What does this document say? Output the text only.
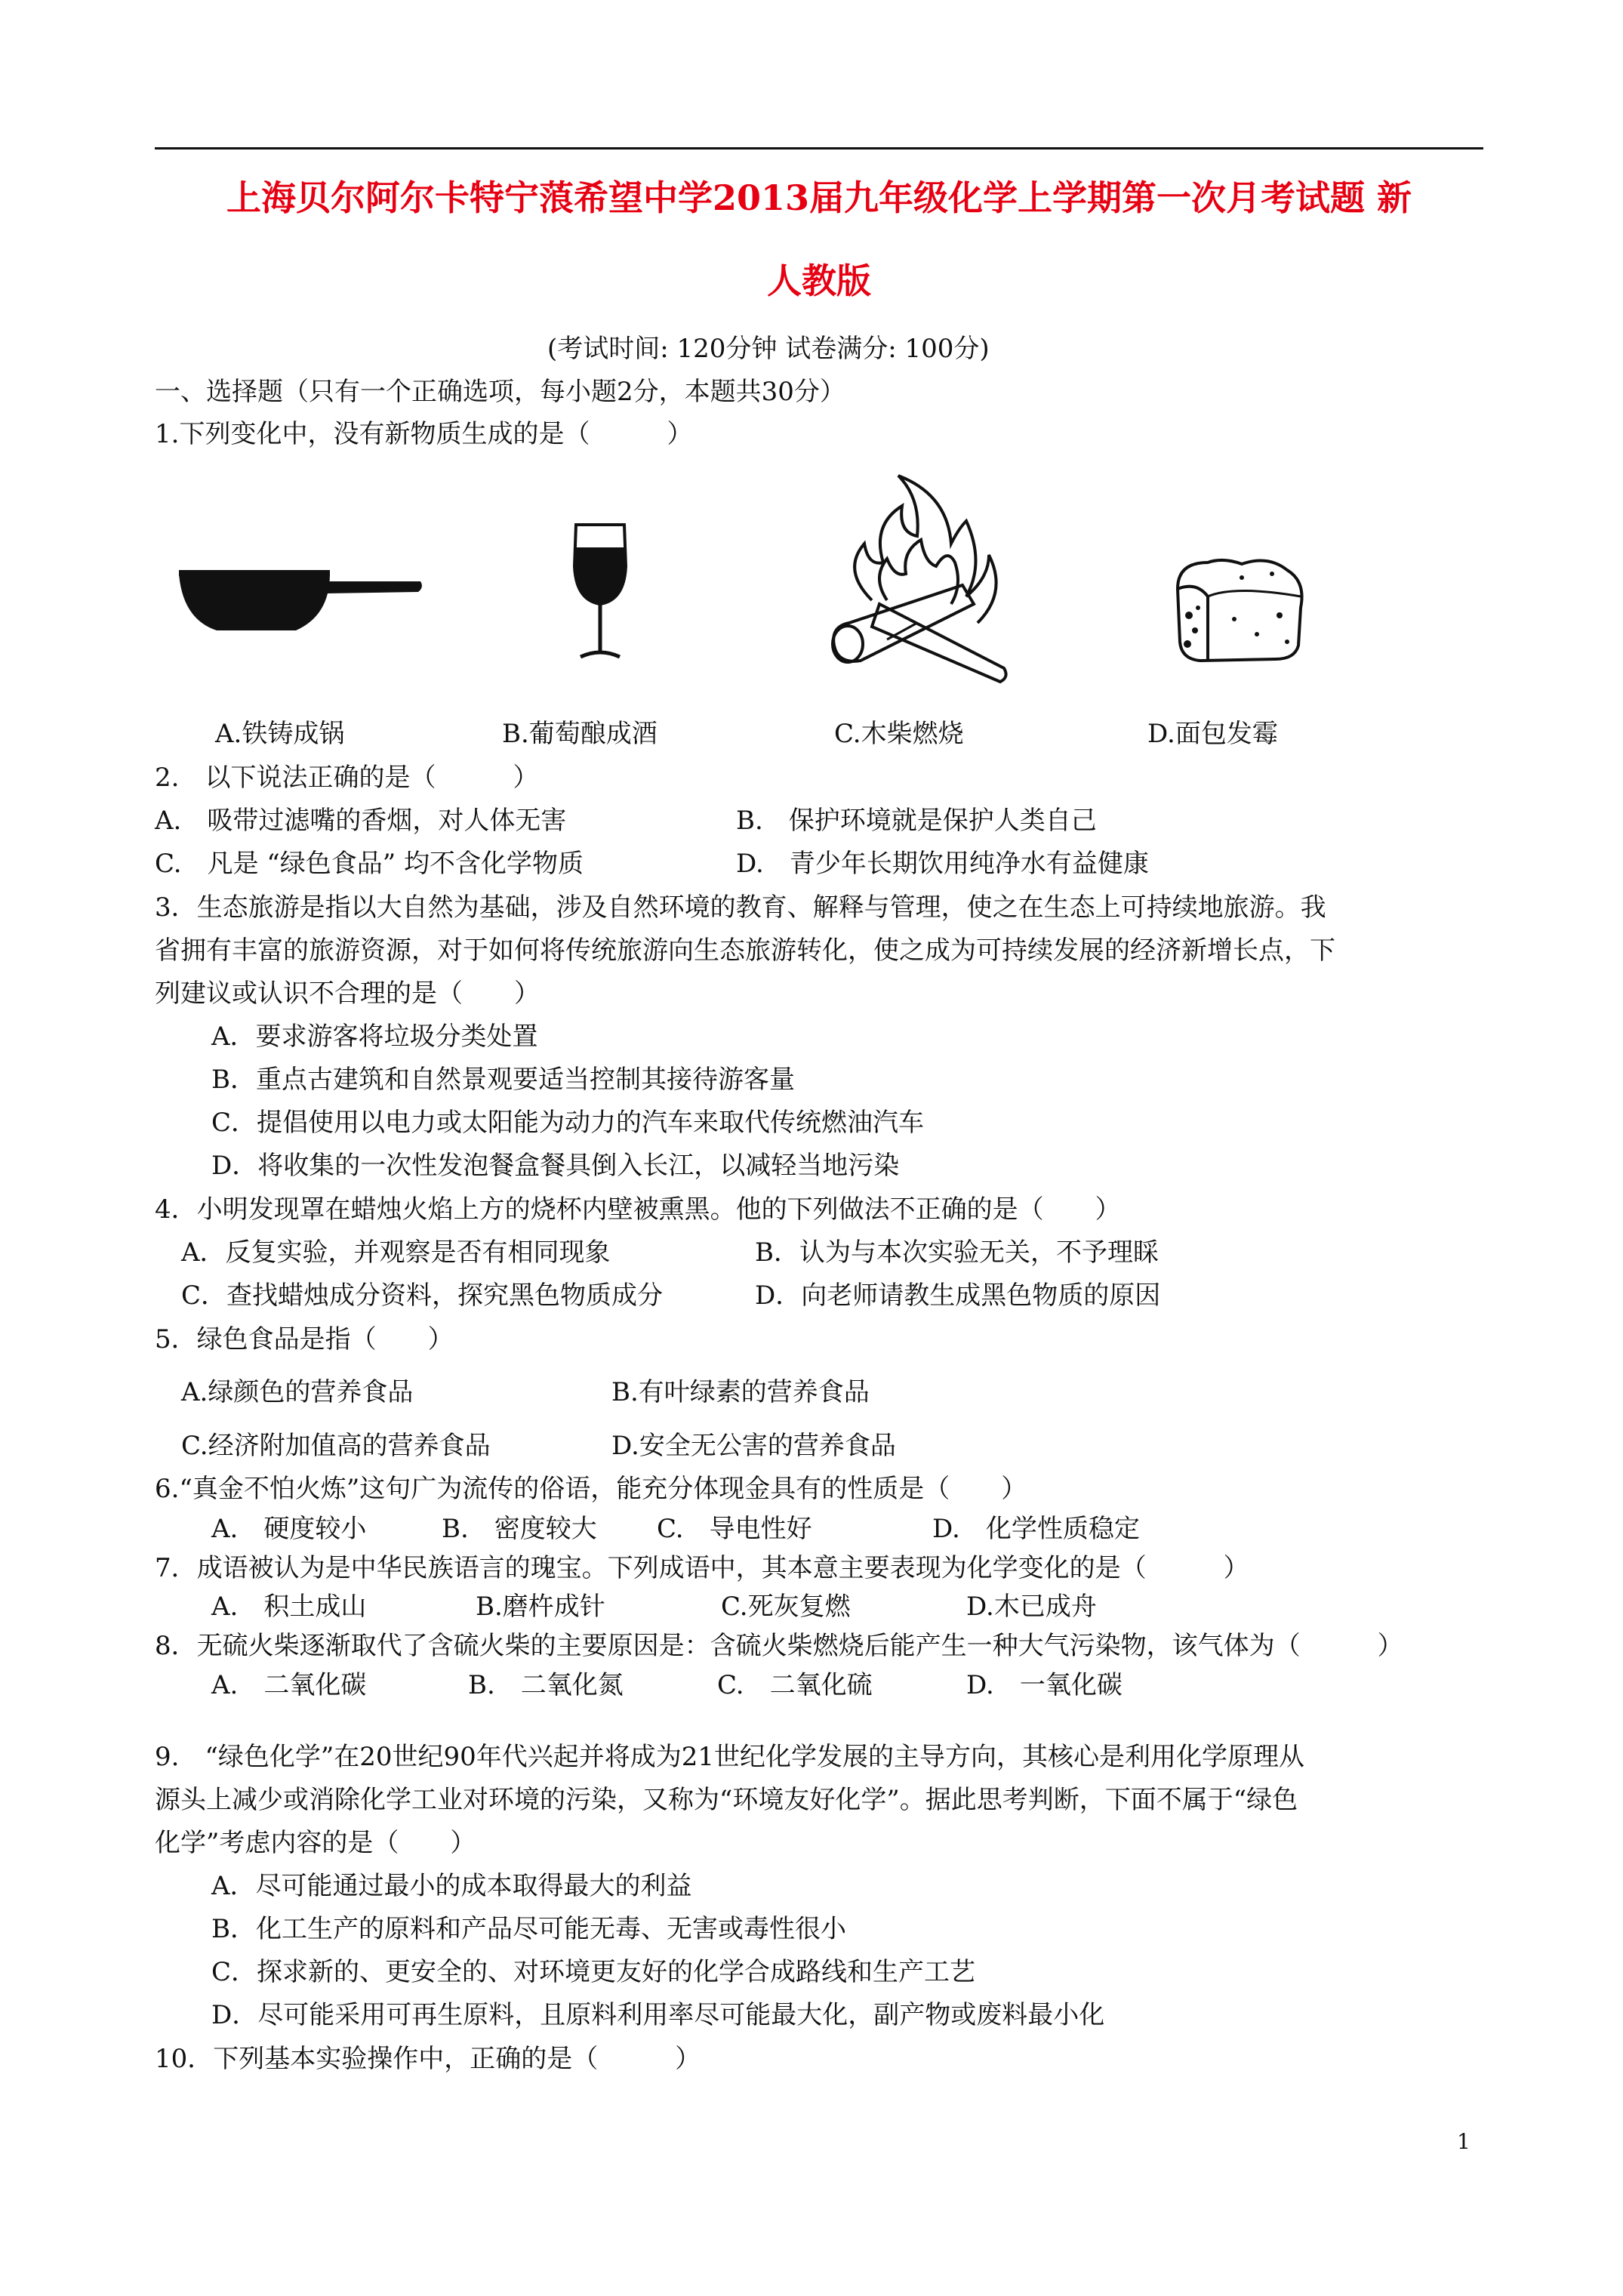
上海贝尔阿尔卡特宁蒗希望中学2013届九年级化学上学期第一次月考试题 新
人教版
(考试时间: 120分钟 试卷满分: 100分)
一、选择题（只有一个正确选项，每小题2分，本题共30分）
1.下列变化中，没有新物质生成的是（　　　）
A.铁铸成锅	B.葡萄酿成酒	C.木柴燃烧	D.面包发霉
2.　以下说法正确的是（　　　）
A.　吸带过滤嘴的香烟，对人体无害	B.　保护环境就是保护人类自己
C.　凡是 “绿色食品” 均不含化学物质	D.　青少年长期饮用纯净水有益健康
3．生态旅游是指以大自然为基础，涉及自然环境的教育、解释与管理，使之在生态上可持续地旅游。我
省拥有丰富的旅游资源，对于如何将传统旅游向生态旅游转化，使之成为可持续发展的经济新增长点，下
列建议或认识不合理的是（　　）
A．要求游客将垃圾分类处置
B．重点古建筑和自然景观要适当控制其接待游客量
C．提倡使用以电力或太阳能为动力的汽车来取代传统燃油汽车
D．将收集的一次性发泡餐盒餐具倒入长江，以减轻当地污染
4．小明发现罩在蜡烛火焰上方的烧杯内壁被熏黑。他的下列做法不正确的是（　　）
A．反复实验，并观察是否有相同现象	B．认为与本次实验无关，不予理睬
C．查找蜡烛成分资料，探究黑色物质成分	D．向老师请教生成黑色物质的原因
5．绿色食品是指（　　）
A.绿颜色的营养食品	B.有叶绿素的营养食品
C.经济附加值高的营养食品	D.安全无公害的营养食品
6.“真金不怕火炼”这句广为流传的俗语，能充分体现金具有的性质是（　　）
A.　硬度较小	B.　密度较大 C.　导电性好	D.　化学性质稳定
7．成语被认为是中华民族语言的瑰宝。下列成语中，其本意主要表现为化学变化的是（　　　）
A.　积土成山	B.磨杵成针	C.死灰复燃	D.木已成舟
8．无硫火柴逐渐取代了含硫火柴的主要原因是：含硫火柴燃烧后能产生一种大气污染物，该气体为（　　　）
A.　二氧化碳	B.　二氧化氮	C.　二氧化硫	D.　一氧化碳
9.　“绿色化学”在20世纪90年代兴起并将成为21世纪化学发展的主导方向，其核心是利用化学原理从
源头上减少或消除化学工业对环境的污染，又称为“环境友好化学”。据此思考判断，下面不属于“绿色
化学”考虑内容的是（　　）
A．尽可能通过最小的成本取得最大的利益
B．化工生产的原料和产品尽可能无毒、无害或毒性很小
C．探求新的、更安全的、对环境更友好的化学合成路线和生产工艺
D．尽可能采用可再生原料，且原料利用率尽可能最大化，副产物或废料最小化
10．下列基本实验操作中，正确的是（　　　）
1
